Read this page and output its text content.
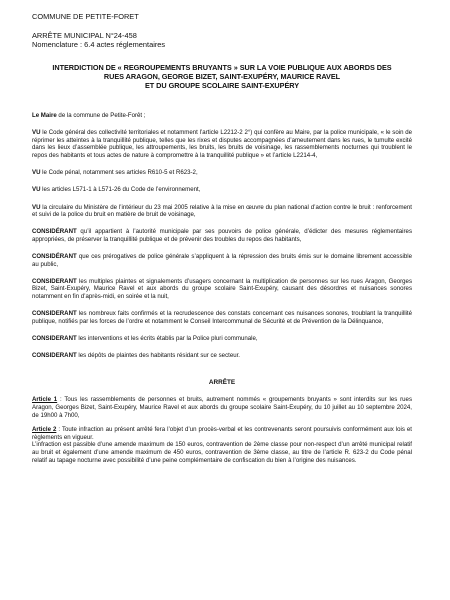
COMMUNE DE PETITE-FORET
ARRÊTE MUNICIPAL N°24-458
Nomenclature : 6.4 actes réglementaires
INTERDICTION DE « REGROUPEMENTS BRUYANTS » SUR LA VOIE PUBLIQUE AUX ABORDS DES
RUES ARAGON, GEORGE BIZET, SAINT-EXUPÉRY, MAURICE RAVEL
ET DU GROUPE SCOLAIRE SAINT-EXUPÉRY

Le Maire de la commune de Petite-Forêt ;

VU le Code général des collectivité territoriales et notamment l’article L2212-2 2°) qui confère au Maire, par la police municipale, « le soin de réprimer les atteintes à la tranquillité publique, telles que les rixes et disputes accompagnées d’ameutement dans les rues, le tumulte excité dans les lieux d’assemblée publique, les attroupements, les bruits, les bruits de voisinage, les rassemblements nocturnes qui troublent le repos des habitants et tous actes de nature à compromettre à la tranquillité publique » et l’article L2214-4,

VU le Code pénal, notamment ses articles R610-5 et R623-2,

VU les articles L571-1 à L571-26 du Code de l’environnement,

VU la circulaire du Ministère de l’intérieur du 23 mai 2005 relative à la mise en œuvre du plan national d’action contre le bruit : renforcement et suivi de la police du bruit en matière de bruit de voisinage,

CONSIDÉRANT qu’il appartient à l’autorité municipale par ses pouvoirs de police générale, d’édicter des mesures réglementaires appropriées, de préserver la tranquillité publique et de prévenir des troubles du repos des habitants,

CONSIDÉRANT que ces prérogatives de police générale s’appliquent à la répression des bruits émis sur le domaine librement accessible au public,

CONSIDERANT les multiples plaintes et signalements d’usagers concernant la multiplication de personnes sur les rues Aragon, Georges Bizet, Saint-Exupéry, Maurice Ravel et aux abords du groupe scolaire Saint-Exupéry, causant des désordres et nuisances sonores notamment en fin d’après-midi, en soirée et la nuit,

CONSIDERANT les nombreux faits confirmés et la recrudescence des constats concernant ces nuisances sonores, troublant la tranquillité publique, notifiés par les forces de l’ordre et notamment le Conseil Intercommunal de Sécurité et de Prévention de la Délinquance,

CONSIDERANT les interventions et les écrits établis par la Police pluri communale,

CONSIDERANT les dépôts de plaintes des habitants résidant sur ce secteur.

ARRÊTE

Article 1 : Tous les rassemblements de personnes et bruits, autrement nommés « groupements bruyants » sont interdits sur les rues Aragon, Georges Bizet, Saint-Exupéry, Maurice Ravel et aux abords du groupe scolaire Saint-Exupéry, du 10 juillet au 10 septembre 2024, de 19h00 à 7h00,

Article 2 : Toute infraction au présent arrêté fera l’objet d’un procès-verbal et les contrevenants seront poursuivis conformément aux lois et règlements en vigueur.

L’infraction est passible d’une amende maximum de 150 euros, contravention de 2ème classe pour non-respect d’un arrêté municipal relatif au bruit et également d’une amende maximum de 450 euros, contravention de 3ème classe, au titre de l’article R. 623-2 du Code pénal relatif au tapage nocturne avec possibilité d’une peine complémentaire de confiscation du bien à l’origine des nuisances.
